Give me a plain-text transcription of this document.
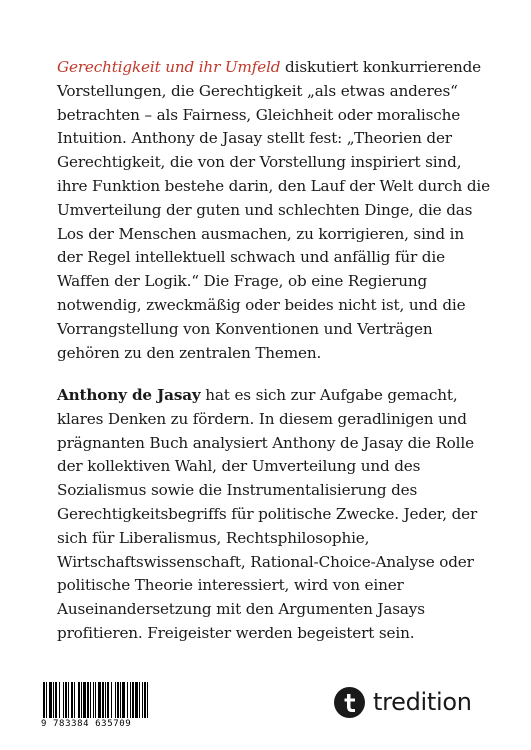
Gerechtigkeit und ihr Umfeld diskutiert konkurrierende Vorstellungen, die Gerechtigkeit „als etwas anderes“ betrachten – als Fairness, Gleichheit oder moralische Intuition. Anthony de Jasay stellt fest: „Theorien der Gerechtigkeit, die von der Vorstellung inspiriert sind, ihre Funktion bestehe darin, den Lauf der Welt durch die Umverteilung der guten und schlechten Dinge, die das Los der Menschen ausmachen, zu korrigieren, sind in der Regel intellektuell schwach und anfällig für die Waffen der Logik.“ Die Frage, ob eine Regierung notwendig, zweckmäßig oder beides nicht ist, und die Vorrangstellung von Konventionen und Verträgen gehören zu den zentralen Themen.

Anthony de Jasay hat es sich zur Aufgabe gemacht, klares Denken zu fördern. In diesem geradlinigen und prägnanten Buch analysiert Anthony de Jasay die Rolle der kollektiven Wahl, der Umverteilung und des Sozialismus sowie die Instrumentalisierung des Gerechtigkeitsbegriffs für politische Zwecke. Jeder, der sich für Liberalismus, Rechtsphilosophie, Wirtschaftswissenschaft, Rational-Choice-Analyse oder politische Theorie interessiert, wird von einer Auseinandersetzung mit den Argumenten Jasays profitieren. Freigeister werden begeistert sein.

9 783384 635709
tredition
